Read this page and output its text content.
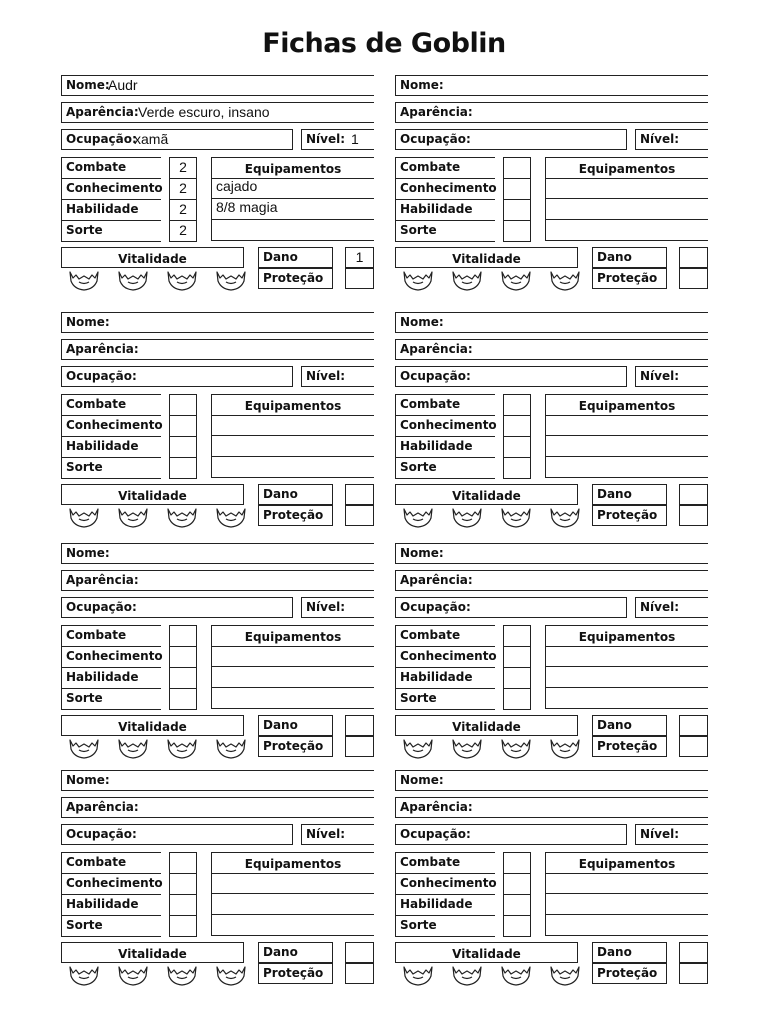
Fichas de Goblin
Nome:
Audr
Aparência: Verde escuro, insano
Ocupação:
xamã	Nível: 1
Combate	2
Conhecimento	2
Habilidade	2
Sorte	2
Equipamentos
cajado
8/8 magia
Vitalidade	Dano	1
Proteção
Nome:
Aparência:
Ocupação:	Nível:
Combate
Conhecimento
Habilidade
Sorte
Equipamentos
Vitalidade	Dano
Proteção
Nome:
Aparência:
Ocupação:	Nível:
Combate
Conhecimento
Habilidade
Sorte
Equipamentos
Vitalidade	Dano
Proteção
Nome:
Aparência:
Ocupação:	Nível:
Combate
Conhecimento
Habilidade
Sorte
Equipamentos
Vitalidade	Dano
Proteção
Nome:
Aparência:
Ocupação:	Nível:
Combate
Conhecimento
Habilidade
Sorte
Equipamentos
Vitalidade	Dano
Proteção
Nome:
Aparência:
Ocupação:	Nível:
Combate
Conhecimento
Habilidade
Sorte
Equipamentos
Vitalidade	Dano
Proteção
Nome:
Aparência:
Ocupação:	Nível:
Combate
Conhecimento
Habilidade
Sorte
Equipamentos
Vitalidade	Dano
Proteção
Nome:
Aparência:
Ocupação:	Nível:
Combate
Conhecimento
Habilidade
Sorte
Equipamentos
Vitalidade	Dano
Proteção
